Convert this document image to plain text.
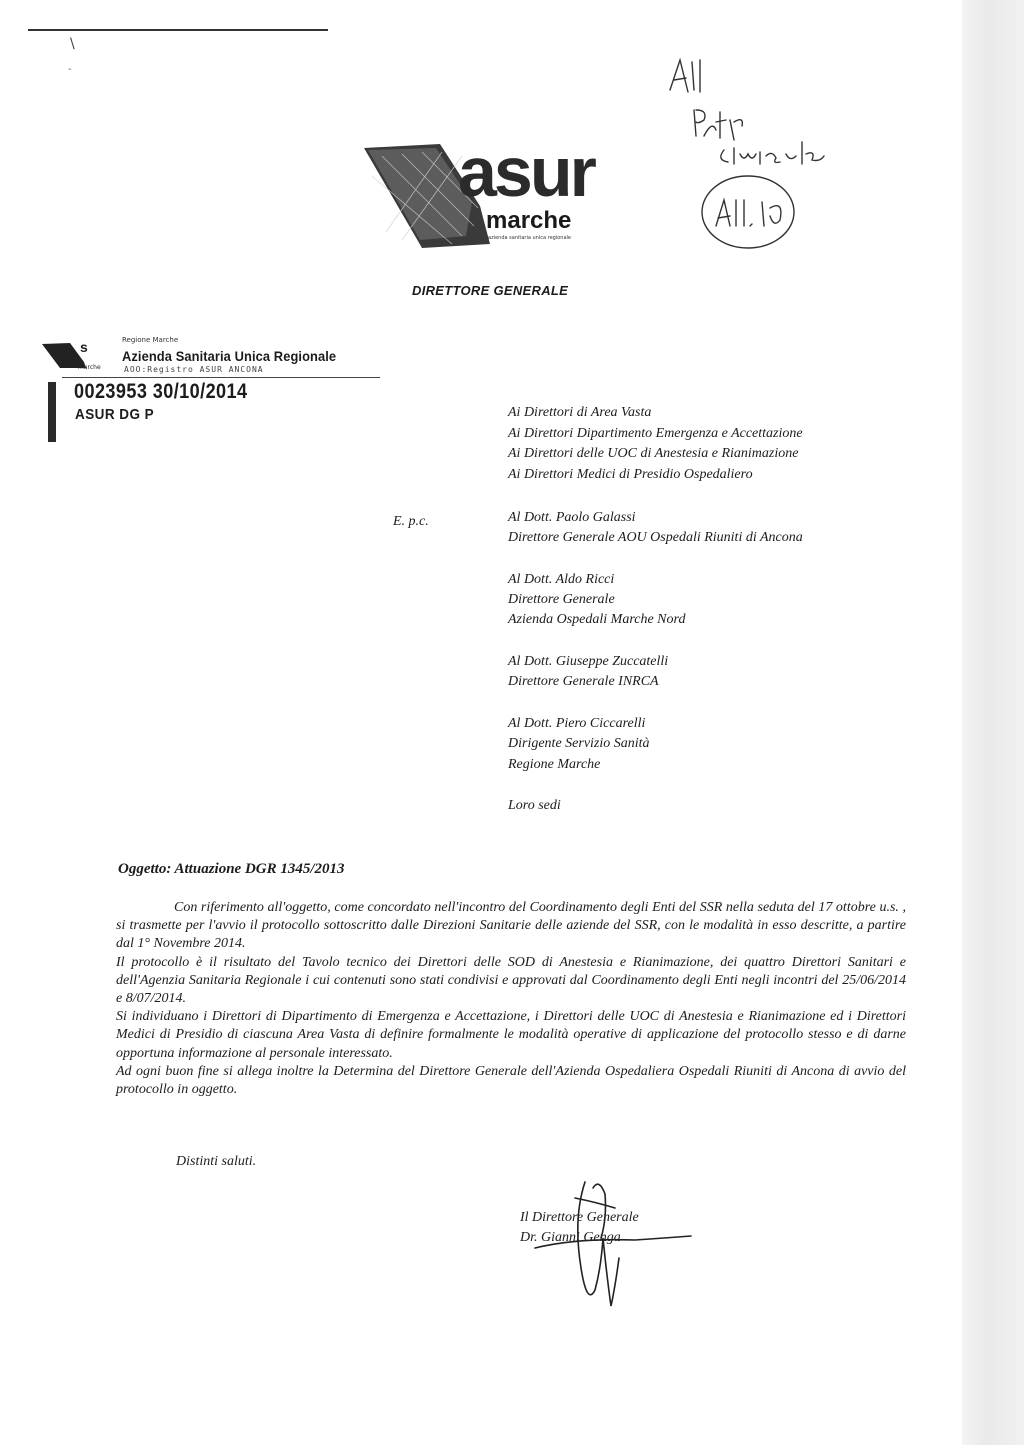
\
-
asur
marche
azienda sanitaria unica regionale
DIRETTORE GENERALE
s
marche
Regione Marche
Azienda Sanitaria Unica Regionale
AOO:Registro ASUR ANCONA
0023953 30/10/2014
ASUR DG P	Ai Direttori di Area Vasta
Ai Direttori Dipartimento Emergenza e Accettazione
Ai Direttori delle UOC di Anestesia e Rianimazione
Ai Direttori Medici di Presidio Ospedaliero
E. p.c.	Al Dott. Paolo Galassi
Direttore Generale AOU Ospedali Riuniti di Ancona
Al Dott. Aldo Ricci
Direttore Generale
Azienda Ospedali Marche Nord
Al Dott. Giuseppe Zuccatelli
Direttore Generale INRCA
Al Dott. Piero Ciccarelli
Dirigente Servizio Sanità
Regione Marche
Loro sedi
Oggetto: Attuazione DGR 1345/2013

Con riferimento all'oggetto, come concordato nell'incontro del Coordinamento degli Enti del SSR nella seduta del 17 ottobre u.s. , si trasmette per l'avvio il protocollo sottoscritto dalle Direzioni Sanitarie delle aziende del SSR, con le modalità in esso descritte, a partire dal 1° Novembre 2014.

Il protocollo è il risultato del Tavolo tecnico dei Direttori delle SOD di Anestesia e Rianimazione, dei quattro Direttori Sanitari e dell'Agenzia Sanitaria Regionale i cui contenuti sono stati condivisi e approvati dal Coordinamento degli Enti negli incontri del 25/06/2014 e 8/07/2014.

Si individuano i Direttori di Dipartimento di Emergenza e Accettazione, i Direttori delle UOC di Anestesia e Rianimazione ed i Direttori Medici di Presidio di ciascuna Area Vasta di definire formalmente le modalità operative di applicazione del protocollo stesso e di darne opportuna informazione al personale interessato.

Ad ogni buon fine si allega inoltre la Determina del Direttore Generale dell'Azienda Ospedaliera Ospedali Riuniti di Ancona di avvio del protocollo in oggetto.

Distinti saluti.
Il Direttore Generale
Dr. Gianni Genga
